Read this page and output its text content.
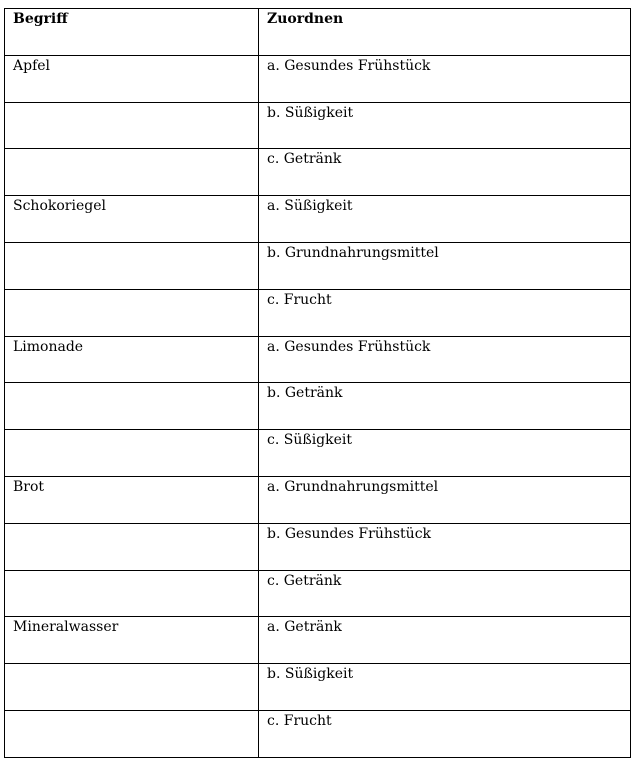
Begriff	Zuordnen
Apfel	a. Gesundes Frühstück
	b. Süßigkeit
	c. Getränk
Schokoriegel	a. Süßigkeit
	b. Grundnahrungsmittel
	c. Frucht
Limonade	a. Gesundes Frühstück
	b. Getränk
	c. Süßigkeit
Brot	a. Grundnahrungsmittel
	b. Gesundes Frühstück
	c. Getränk
Mineralwasser	a. Getränk
	b. Süßigkeit
	c. Frucht
